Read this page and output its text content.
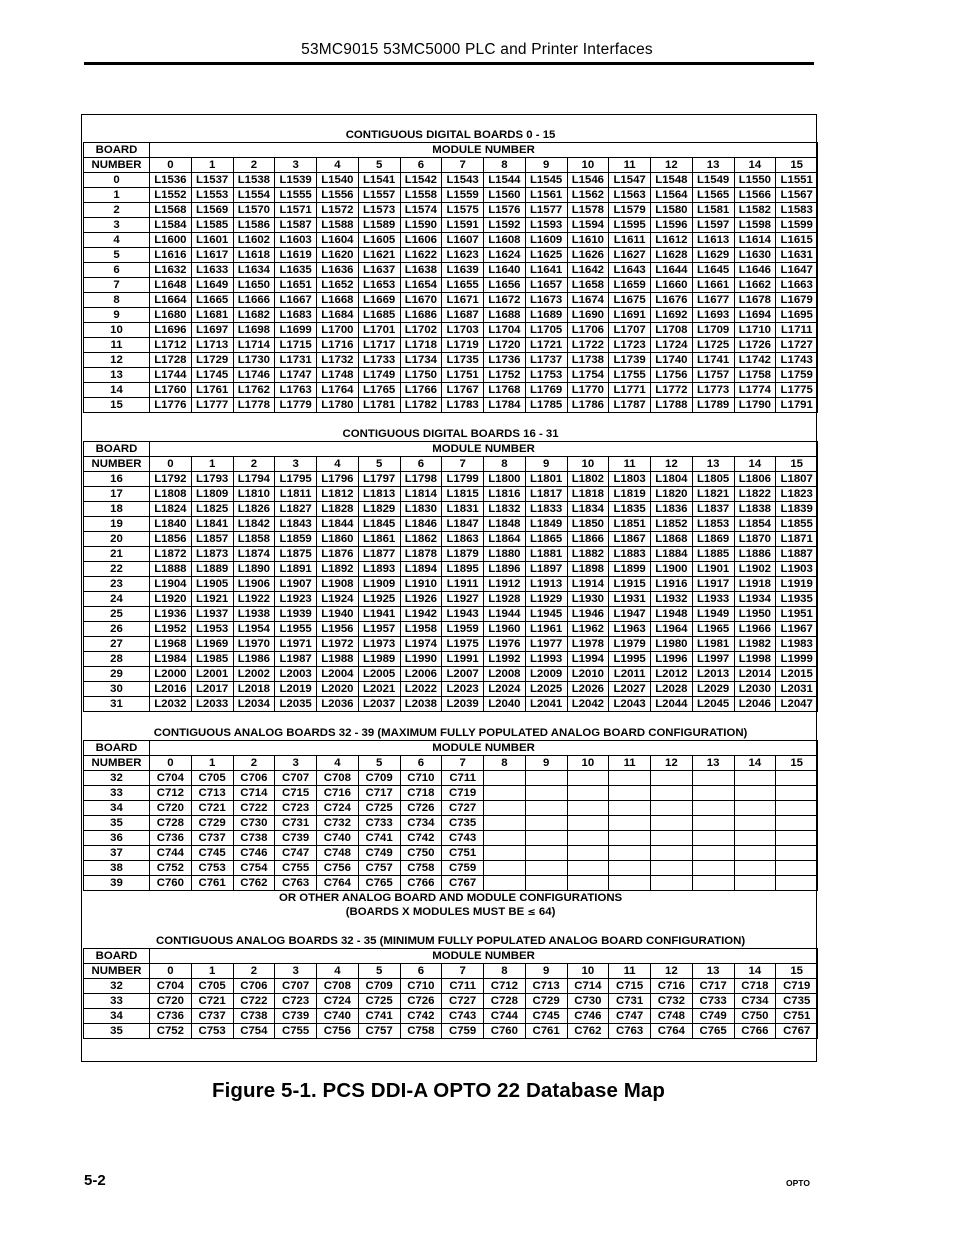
53MC9015 53MC5000 PLC and Printer Interfaces
CONTIGUOUS DIGITAL BOARDS 0 - 15																
BOARD	MODULE NUMBER															
NUMBER	0	1	2	3	4	5	6	7	8	9	10	11	12	13	14	15
0	L1536	L1537	L1538	L1539	L1540	L1541	L1542	L1543	L1544	L1545	L1546	L1547	L1548	L1549	L1550	L1551
1	L1552	L1553	L1554	L1555	L1556	L1557	L1558	L1559	L1560	L1561	L1562	L1563	L1564	L1565	L1566	L1567
2	L1568	L1569	L1570	L1571	L1572	L1573	L1574	L1575	L1576	L1577	L1578	L1579	L1580	L1581	L1582	L1583
3	L1584	L1585	L1586	L1587	L1588	L1589	L1590	L1591	L1592	L1593	L1594	L1595	L1596	L1597	L1598	L1599
4	L1600	L1601	L1602	L1603	L1604	L1605	L1606	L1607	L1608	L1609	L1610	L1611	L1612	L1613	L1614	L1615
5	L1616	L1617	L1618	L1619	L1620	L1621	L1622	L1623	L1624	L1625	L1626	L1627	L1628	L1629	L1630	L1631
6	L1632	L1633	L1634	L1635	L1636	L1637	L1638	L1639	L1640	L1641	L1642	L1643	L1644	L1645	L1646	L1647
7	L1648	L1649	L1650	L1651	L1652	L1653	L1654	L1655	L1656	L1657	L1658	L1659	L1660	L1661	L1662	L1663
8	L1664	L1665	L1666	L1667	L1668	L1669	L1670	L1671	L1672	L1673	L1674	L1675	L1676	L1677	L1678	L1679
9	L1680	L1681	L1682	L1683	L1684	L1685	L1686	L1687	L1688	L1689	L1690	L1691	L1692	L1693	L1694	L1695
10	L1696	L1697	L1698	L1699	L1700	L1701	L1702	L1703	L1704	L1705	L1706	L1707	L1708	L1709	L1710	L1711
11	L1712	L1713	L1714	L1715	L1716	L1717	L1718	L1719	L1720	L1721	L1722	L1723	L1724	L1725	L1726	L1727
12	L1728	L1729	L1730	L1731	L1732	L1733	L1734	L1735	L1736	L1737	L1738	L1739	L1740	L1741	L1742	L1743
13	L1744	L1745	L1746	L1747	L1748	L1749	L1750	L1751	L1752	L1753	L1754	L1755	L1756	L1757	L1758	L1759
14	L1760	L1761	L1762	L1763	L1764	L1765	L1766	L1767	L1768	L1769	L1770	L1771	L1772	L1773	L1774	L1775
15	L1776	L1777	L1778	L1779	L1780	L1781	L1782	L1783	L1784	L1785	L1786	L1787	L1788	L1789	L1790	L1791

CONTIGUOUS DIGITAL BOARDS 16 - 31																
BOARD	MODULE NUMBER															
NUMBER	0	1	2	3	4	5	6	7	8	9	10	11	12	13	14	15
16	L1792	L1793	L1794	L1795	L1796	L1797	L1798	L1799	L1800	L1801	L1802	L1803	L1804	L1805	L1806	L1807
17	L1808	L1809	L1810	L1811	L1812	L1813	L1814	L1815	L1816	L1817	L1818	L1819	L1820	L1821	L1822	L1823
18	L1824	L1825	L1826	L1827	L1828	L1829	L1830	L1831	L1832	L1833	L1834	L1835	L1836	L1837	L1838	L1839
19	L1840	L1841	L1842	L1843	L1844	L1845	L1846	L1847	L1848	L1849	L1850	L1851	L1852	L1853	L1854	L1855
20	L1856	L1857	L1858	L1859	L1860	L1861	L1862	L1863	L1864	L1865	L1866	L1867	L1868	L1869	L1870	L1871
21	L1872	L1873	L1874	L1875	L1876	L1877	L1878	L1879	L1880	L1881	L1882	L1883	L1884	L1885	L1886	L1887
22	L1888	L1889	L1890	L1891	L1892	L1893	L1894	L1895	L1896	L1897	L1898	L1899	L1900	L1901	L1902	L1903
23	L1904	L1905	L1906	L1907	L1908	L1909	L1910	L1911	L1912	L1913	L1914	L1915	L1916	L1917	L1918	L1919
24	L1920	L1921	L1922	L1923	L1924	L1925	L1926	L1927	L1928	L1929	L1930	L1931	L1932	L1933	L1934	L1935
25	L1936	L1937	L1938	L1939	L1940	L1941	L1942	L1943	L1944	L1945	L1946	L1947	L1948	L1949	L1950	L1951
26	L1952	L1953	L1954	L1955	L1956	L1957	L1958	L1959	L1960	L1961	L1962	L1963	L1964	L1965	L1966	L1967
27	L1968	L1969	L1970	L1971	L1972	L1973	L1974	L1975	L1976	L1977	L1978	L1979	L1980	L1981	L1982	L1983
28	L1984	L1985	L1986	L1987	L1988	L1989	L1990	L1991	L1992	L1993	L1994	L1995	L1996	L1997	L1998	L1999
29	L2000	L2001	L2002	L2003	L2004	L2005	L2006	L2007	L2008	L2009	L2010	L2011	L2012	L2013	L2014	L2015
30	L2016	L2017	L2018	L2019	L2020	L2021	L2022	L2023	L2024	L2025	L2026	L2027	L2028	L2029	L2030	L2031
31	L2032	L2033	L2034	L2035	L2036	L2037	L2038	L2039	L2040	L2041	L2042	L2043	L2044	L2045	L2046	L2047

CONTIGUOUS ANALOG BOARDS 32 - 39 (MAXIMUM FULLY POPULATED ANALOG BOARD CONFIGURATION)																
BOARD	MODULE NUMBER															
NUMBER	0	1	2	3	4	5	6	7	8	9	10	11	12	13	14	15
32	C704	C705	C706	C707	C708	C709	C710	C711								
33	C712	C713	C714	C715	C716	C717	C718	C719								
34	C720	C721	C722	C723	C724	C725	C726	C727								
35	C728	C729	C730	C731	C732	C733	C734	C735								
36	C736	C737	C738	C739	C740	C741	C742	C743								
37	C744	C745	C746	C747	C748	C749	C750	C751								
38	C752	C753	C754	C755	C756	C757	C758	C759								
39	C760	C761	C762	C763	C764	C765	C766	C767								
OR OTHER ANALOG BOARD AND MODULE CONFIGURATIONS																
(BOARDS X MODULES MUST BE ≤ 64)																

CONTIGUOUS ANALOG BOARDS 32 - 35 (MINIMUM FULLY POPULATED ANALOG BOARD CONFIGURATION)																
BOARD	MODULE NUMBER															
NUMBER	0	1	2	3	4	5	6	7	8	9	10	11	12	13	14	15
32	C704	C705	C706	C707	C708	C709	C710	C711	C712	C713	C714	C715	C716	C717	C718	C719
33	C720	C721	C722	C723	C724	C725	C726	C727	C728	C729	C730	C731	C732	C733	C734	C735
34	C736	C737	C738	C739	C740	C741	C742	C743	C744	C745	C746	C747	C748	C749	C750	C751
35	C752	C753	C754	C755	C756	C757	C758	C759	C760	C761	C762	C763	C764	C765	C766	C767
Figure 5-1. PCS DDI-A OPTO 22 Database Map
5-2	OPTO
